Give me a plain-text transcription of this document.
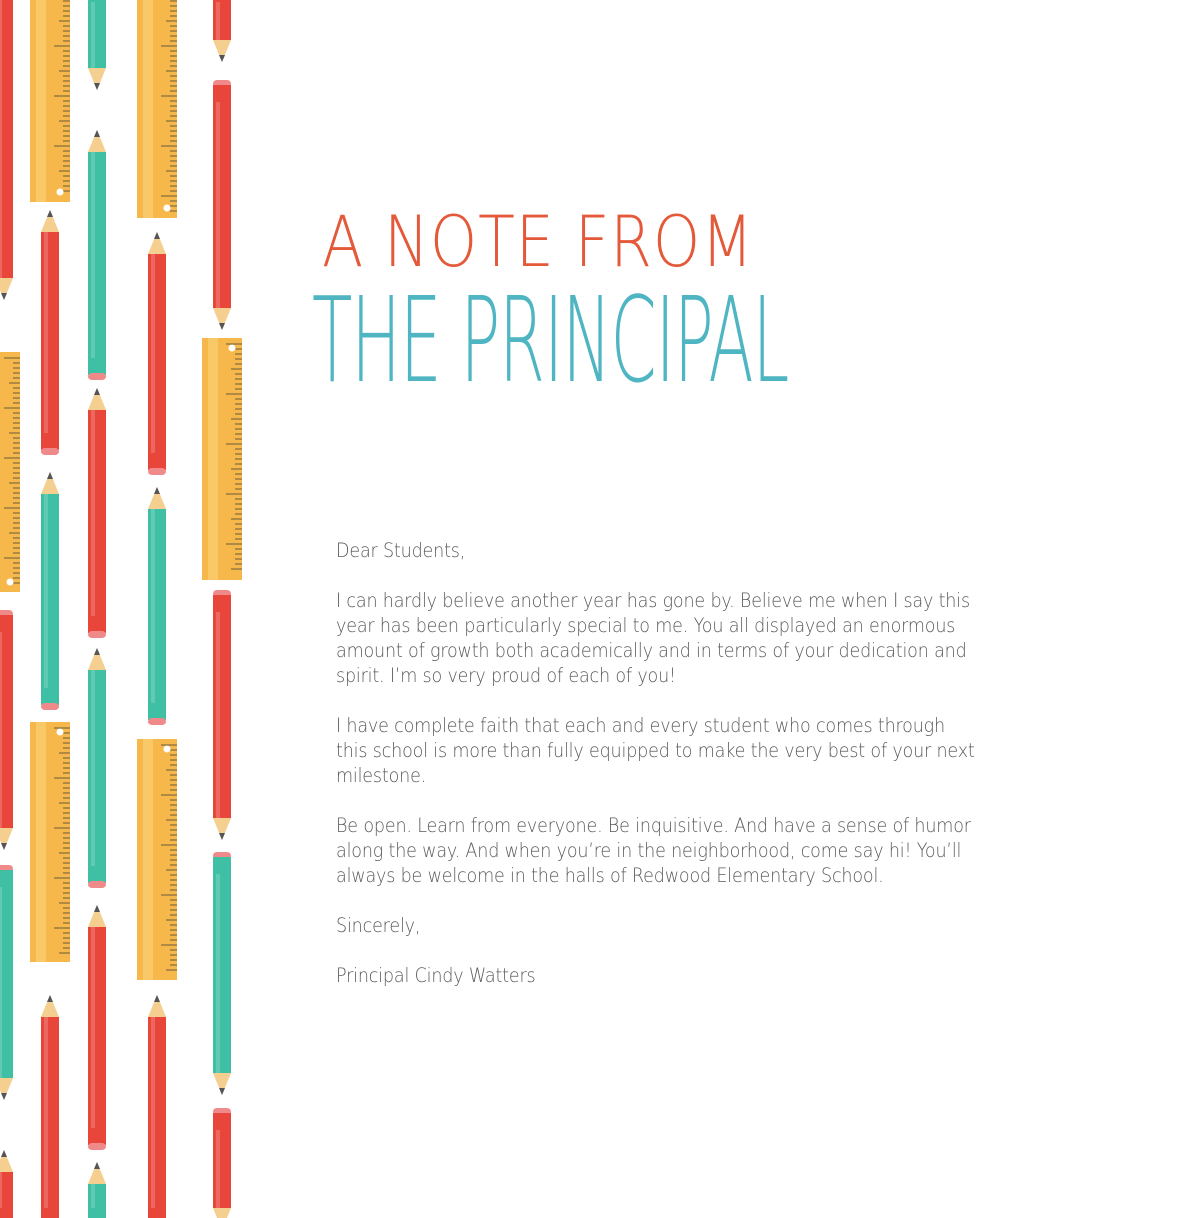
A NOTE FROM
THE PRINCIPAL

Dear Students,

I can hardly believe another year has gone by. Believe me when I say this
year has been particularly special to me. You all displayed an enormous
amount of growth both academically and in terms of your dedication and
spirit. I’m so very proud of each of you!

I have complete faith that each and every student who comes through
this school is more than fully equipped to make the very best of your next
milestone.

Be open. Learn from everyone. Be inquisitive. And have a sense of humor
along the way. And when you’re in the neighborhood, come say hi! You’ll
always be welcome in the halls of Redwood Elementary School.

Sincerely,

Principal Cindy Watters
